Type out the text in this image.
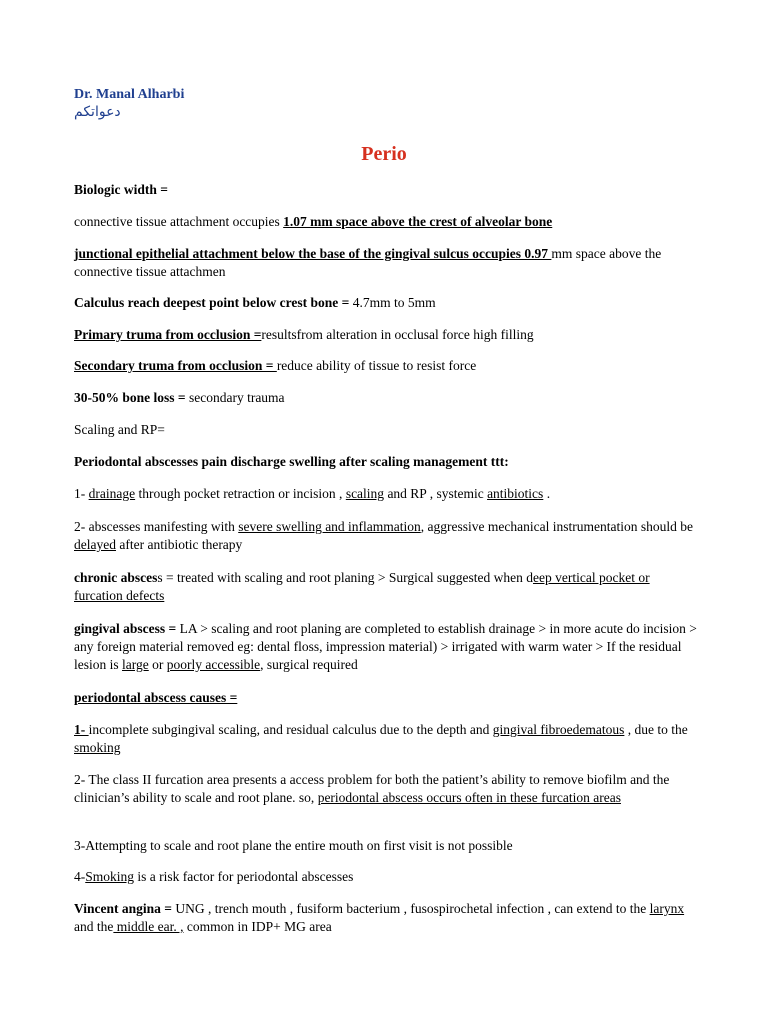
Dr. Manal Alharbi
دعواتكم
Perio
Biologic width =
connective tissue attachment occupies 1.07 mm space above the crest of alveolar bone
junctional epithelial attachment below the base of the gingival sulcus occupies 0.97 mm space above the connective tissue attachmen
Calculus reach deepest point below crest bone = 4.7mm to 5mm
Primary truma from occlusion =resultsfrom alteration in occlusal force high filling
Secondary truma from occlusion = reduce ability of tissue to resist force
30-50% bone loss = secondary trauma
Scaling and RP=
Periodontal abscesses pain discharge swelling after scaling management ttt:
1- drainage through pocket retraction or incision , scaling and RP , systemic antibiotics .
2- abscesses manifesting with severe swelling and inflammation, aggressive mechanical instrumentation should be delayed after antibiotic therapy
chronic abscess = treated with scaling and root planing > Surgical suggested when deep vertical pocket or furcation defects
gingival abscess = LA > scaling and root planing are completed to establish drainage > in more acute do incision > any foreign material removed eg: dental floss, impression material) > irrigated with warm water > If the residual lesion is large or poorly accessible, surgical required
periodontal abscess causes =
1- incomplete subgingival scaling, and residual calculus due to the depth and gingival fibroedematous , due to the smoking
2- The class II furcation area presents a access problem for both the patient’s ability to remove biofilm and the clinician’s ability to scale and root plane. so, periodontal abscess occurs often in these furcation areas
3-Attempting to scale and root plane the entire mouth on first visit is not possible
4-Smoking is a risk factor for periodontal abscesses
Vincent angina = UNG , trench mouth , fusiform bacterium , fusospirochetal infection , can extend to the larynx and the middle ear. , common in IDP+ MG area
